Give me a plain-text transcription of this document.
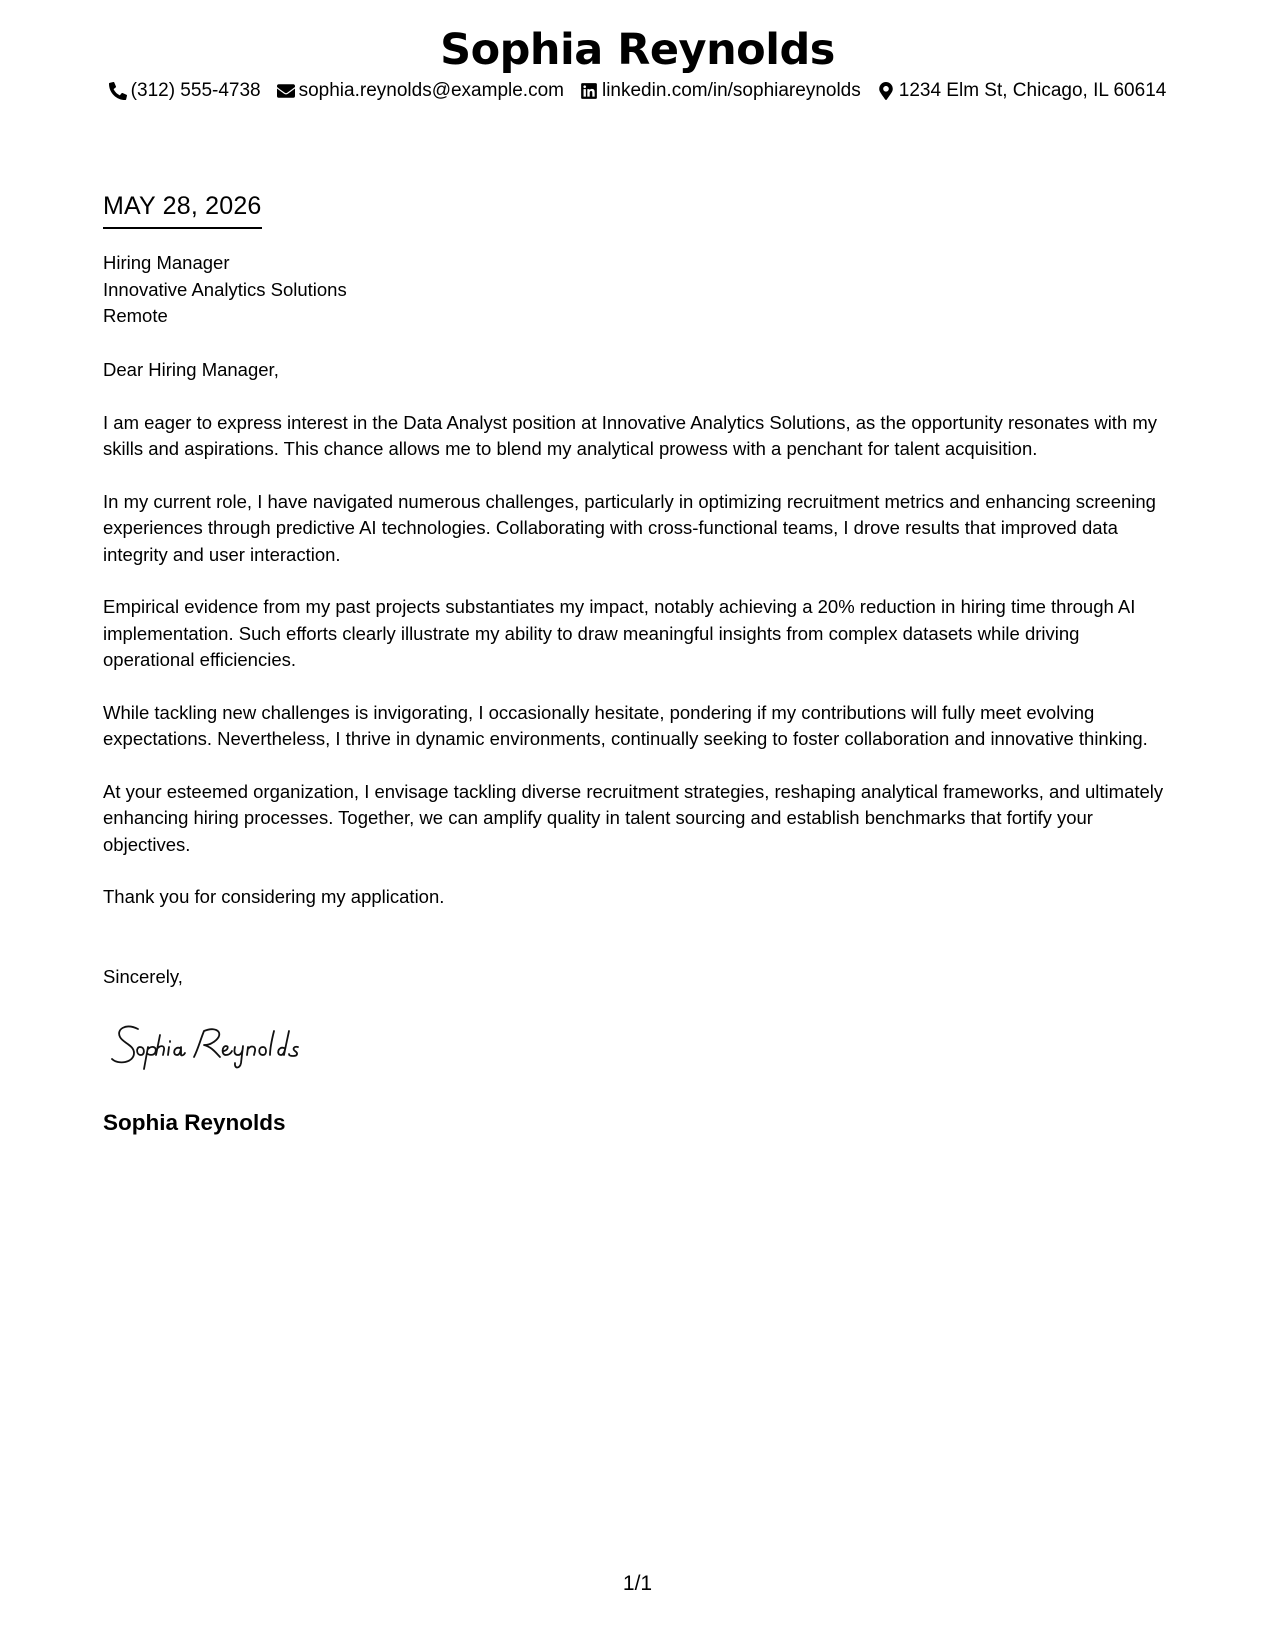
Sophia Reynolds
(312) 555-4738 sophia.reynolds@example.com linkedin.com/in/sophiareynolds 1234 Elm St, Chicago, IL 60614
MAY 28, 2026
Hiring Manager
Innovative Analytics Solutions
Remote

Dear Hiring Manager,

I am eager to express interest in the Data Analyst position at Innovative Analytics Solutions, as the opportunity resonates with my skills and aspirations. This chance allows me to blend my analytical prowess with a penchant for talent acquisition.

In my current role, I have navigated numerous challenges, particularly in optimizing recruitment metrics and enhancing screening experiences through predictive AI technologies. Collaborating with cross-functional teams, I drove results that improved data integrity and user interaction.

Empirical evidence from my past projects substantiates my impact, notably achieving a 20% reduction in hiring time through AI implementation. Such efforts clearly illustrate my ability to draw meaningful insights from complex datasets while driving operational efficiencies.

While tackling new challenges is invigorating, I occasionally hesitate, pondering if my contributions will fully meet evolving expectations. Nevertheless, I thrive in dynamic environments, continually seeking to foster collaboration and innovative thinking.

At your esteemed organization, I envisage tackling diverse recruitment strategies, reshaping analytical frameworks, and ultimately enhancing hiring processes. Together, we can amplify quality in talent sourcing and establish benchmarks that fortify your objectives.

Thank you for considering my application.

Sincerely,
Sophia Reynolds
1/1
